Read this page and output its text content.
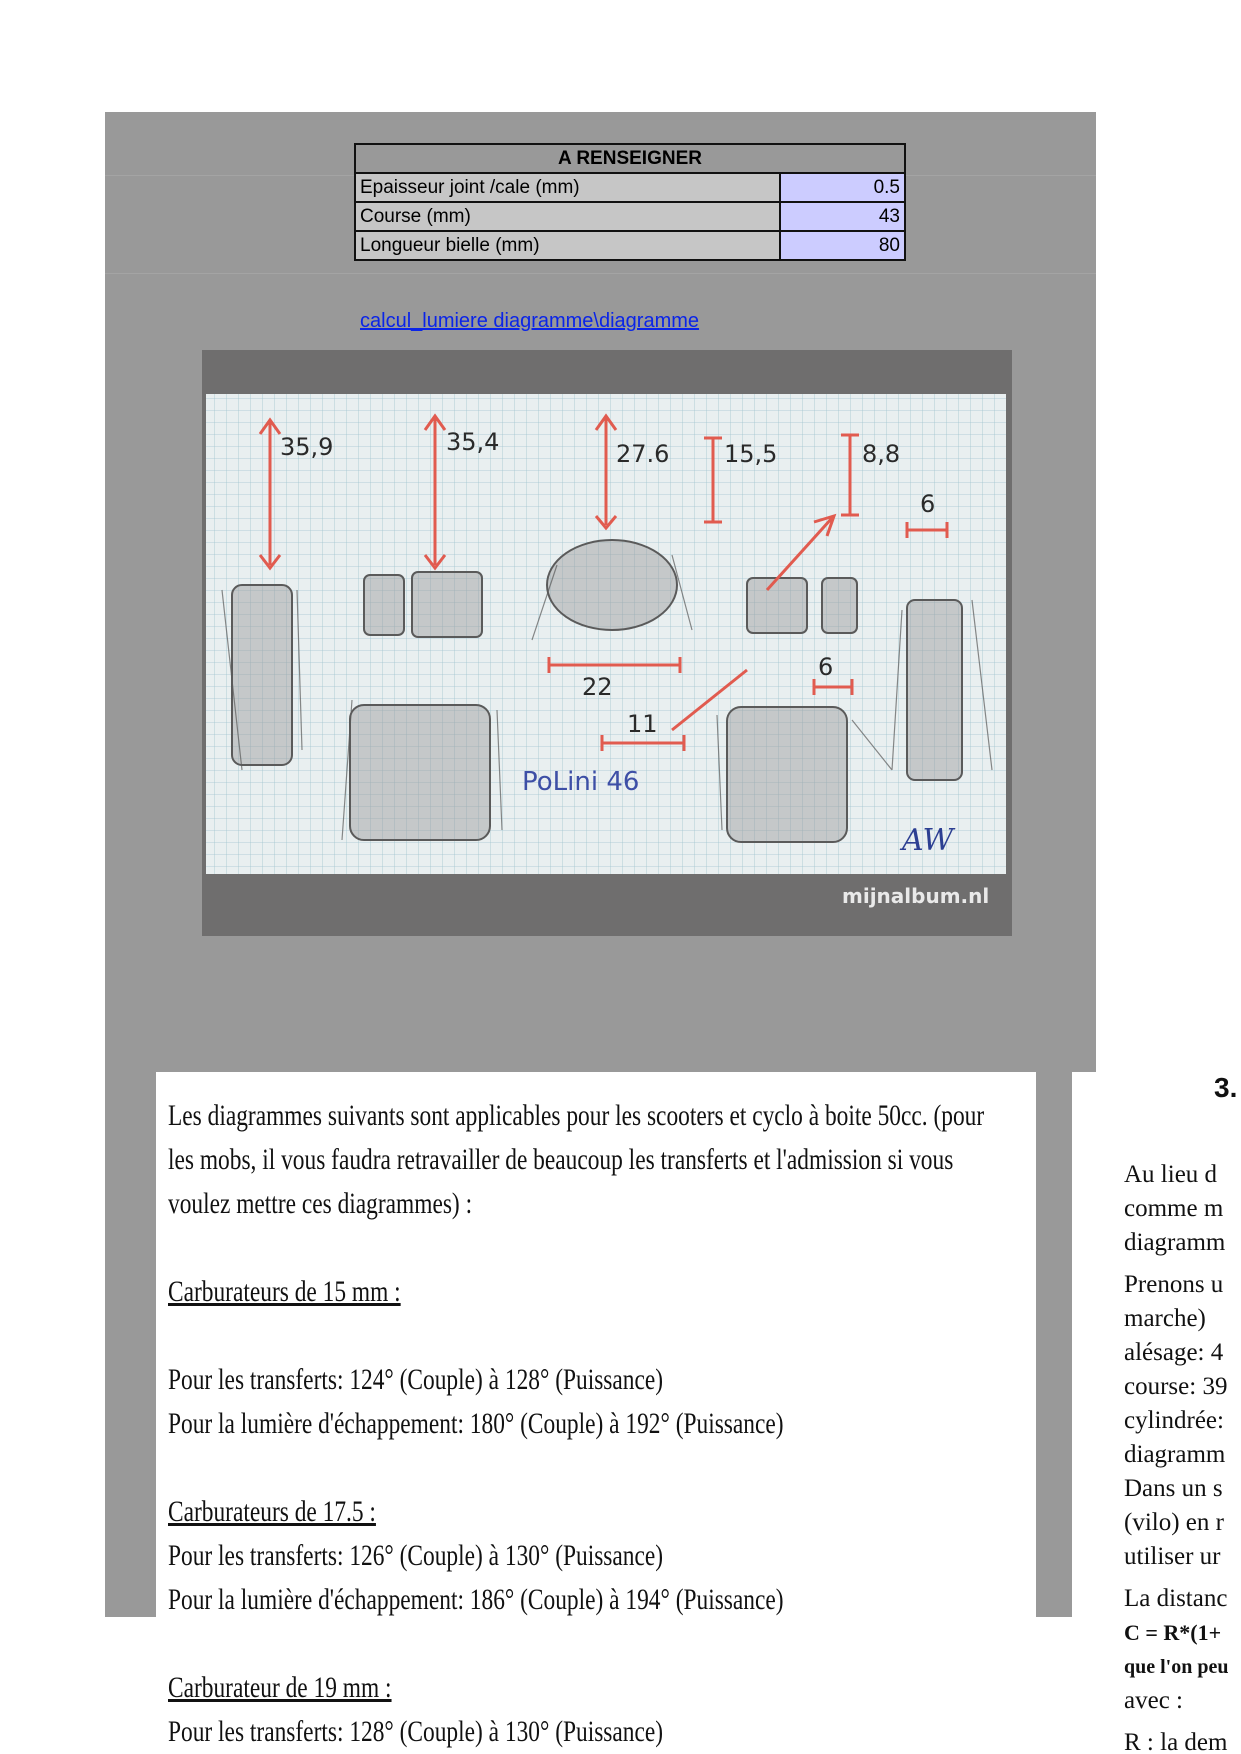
A RENSEIGNER	
Epaisseur joint /cale (mm)	0.5
Course (mm)	43
Longueur bielle (mm)	80
calcul_lumiere diagramme\diagramme
35,9	35,4	27.6 15,5	8,8
6
22
6
11
PoLini 46
AW
mijnalbum.nl

Les diagrammes suivants sont applicables pour les scooters et cyclo à boite 50cc. (pour

les mobs, il vous faudra retravailler de beaucoup les transferts et l'admission si vous

voulez mettre ces diagrammes) :

Carburateurs de 15 mm :

Pour les transferts: 124° (Couple) à 128° (Puissance)

Pour la lumière d'échappement: 180° (Couple) à 192° (Puissance)

Carburateurs de 17.5 :

Pour les transferts: 126° (Couple) à 130° (Puissance)

Pour la lumière d'échappement: 186° (Couple) à 194° (Puissance)

Carburateur de 19 mm :

Pour les transferts: 128° (Couple) à 130° (Puissance)

3.

Au lieu d

comme m

diagramm

Prenons u

marche)

alésage: 4

course: 39

cylindrée:

diagramm

Dans un s

(vilo) en r

utiliser ur

La distanc

C = R*(1+

que l'on peu

avec :

R : la dem
